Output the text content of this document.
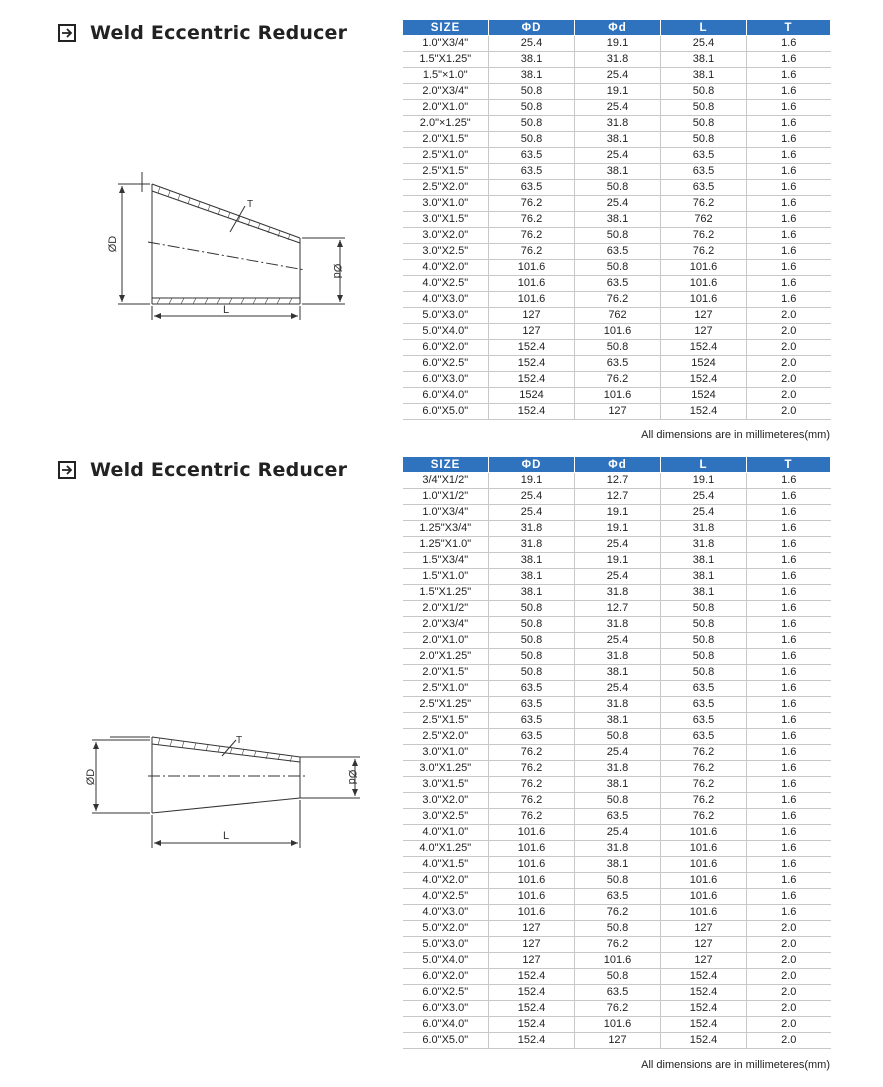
Weld Eccentric Reducer
ØD
Ød
L
T
SIZE	ΦD	Φd	L	T
1.0"X3/4"	25.4	19.1	25.4	1.6
1.5"X1.25"	38.1	31.8	38.1	1.6
1.5"×1.0"	38.1	25.4	38.1	1.6
2.0"X3/4"	50.8	19.1	50.8	1.6
2.0"X1.0"	50.8	25.4	50.8	1.6
2.0"×1.25"	50.8	31.8	50.8	1.6
2.0"X1.5"	50.8	38.1	50.8	1.6
2.5"X1.0"	63.5	25.4	63.5	1.6
2.5"X1.5"	63.5	38.1	63.5	1.6
2.5"X2.0"	63.5	50.8	63.5	1.6
3.0"X1.0"	76.2	25.4	76.2	1.6
3.0"X1.5"	76.2	38.1	762	1.6
3.0"X2.0"	76.2	50.8	76.2	1.6
3.0"X2.5"	76.2	63.5	76.2	1.6
4.0"X2.0"	101.6	50.8	101.6	1.6
4.0"X2.5"	101.6	63.5	101.6	1.6
4.0"X3.0"	101.6	76.2	101.6	1.6
5.0"X3.0"	127	762	127	2.0
5.0"X4.0"	127	101.6	127	2.0
6.0"X2.0"	152.4	50.8	152.4	2.0
6.0"X2.5"	152.4	63.5	1524	2.0
6.0"X3.0"	152.4	76.2	152.4	2.0
6.0"X4.0"	1524	101.6	1524	2.0
6.0"X5.0"	152.4	127	152.4	2.0
All dimensions are in millimeteres(mm)
Weld Eccentric Reducer
ØD	Ød
L
T
SIZE	ΦD	Φd	L	T
3/4"X1/2"	19.1	12.7	19.1	1.6
1.0"X1/2"	25.4	12.7	25.4	1.6
1.0"X3/4"	25.4	19.1	25.4	1.6
1.25"X3/4"	31.8	19.1	31.8	1.6
1.25"X1.0"	31.8	25.4	31.8	1.6
1.5"X3/4"	38.1	19.1	38.1	1.6
1.5"X1.0"	38.1	25.4	38.1	1.6
1.5"X1.25"	38.1	31.8	38.1	1.6
2.0"X1/2"	50.8	12.7	50.8	1.6
2.0"X3/4"	50.8	31.8	50.8	1.6
2.0"X1.0"	50.8	25.4	50.8	1.6
2.0"X1.25"	50.8	31.8	50.8	1.6
2.0"X1.5"	50.8	38.1	50.8	1.6
2.5"X1.0"	63.5	25.4	63.5	1.6
2.5"X1.25"	63.5	31.8	63.5	1.6
2.5"X1.5"	63.5	38.1	63.5	1.6
2.5"X2.0"	63.5	50.8	63.5	1.6
3.0"X1.0"	76.2	25.4	76.2	1.6
3.0"X1.25"	76.2	31.8	76.2	1.6
3.0"X1.5"	76.2	38.1	76.2	1.6
3.0"X2.0"	76.2	50.8	76.2	1.6
3.0"X2.5"	76.2	63.5	76.2	1.6
4.0"X1.0"	101.6	25.4	101.6	1.6
4.0"X1.25"	101.6	31.8	101.6	1.6
4.0"X1.5"	101.6	38.1	101.6	1.6
4.0"X2.0"	101.6	50.8	101.6	1.6
4.0"X2.5"	101.6	63.5	101.6	1.6
4.0"X3.0"	101.6	76.2	101.6	1.6
5.0"X2.0"	127	50.8	127	2.0
5.0"X3.0"	127	76.2	127	2.0
5.0"X4.0"	127	101.6	127	2.0
6.0"X2.0"	152.4	50.8	152.4	2.0
6.0"X2.5"	152.4	63.5	152.4	2.0
6.0"X3.0"	152.4	76.2	152.4	2.0
6.0"X4.0"	152.4	101.6	152.4	2.0
6.0"X5.0"	152.4	127	152.4	2.0
All dimensions are in millimeteres(mm)
